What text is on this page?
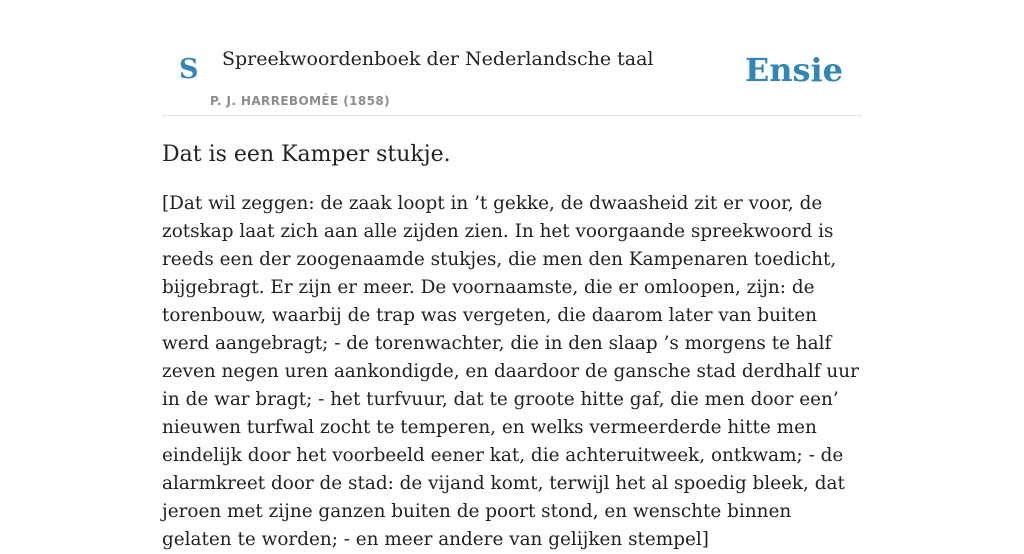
S Spreekwoordenboek der Nederlandsche taal
P. J. HARREBOMÉE (1858)
Ensie
Dat is een Kamper stukje.

[Dat wil zeggen: de zaak loopt in ’t gekke, de dwaasheid zit er voor, de zotskap laat zich aan alle zijden zien. In het voorgaande spreekwoord is reeds een der zoogenaamde stukjes, die men den Kampenaren toedicht, bijgebragt. Er zijn er meer. De voornaamste, die er omloopen, zijn: de torenbouw, waarbij de trap was vergeten, die daarom later van buiten werd aangebragt; - de torenwachter, die in den slaap ’s morgens te half zeven negen uren aankondigde, en daardoor de gansche stad derdhalf uur in de war bragt; - het turfvuur, dat te groote hitte gaf, die men door een’ nieuwen turfwal zocht te temperen, en welks vermeerderde hitte men eindelijk door het voorbeeld eener kat, die achteruitweek, ontkwam; - de alarmkreet door de stad: de vijand komt, terwijl het al spoedig bleek, dat jeroen met zijne ganzen buiten de poort stond, en wenschte binnen gelaten te worden; - en meer andere van gelijken stempel]
